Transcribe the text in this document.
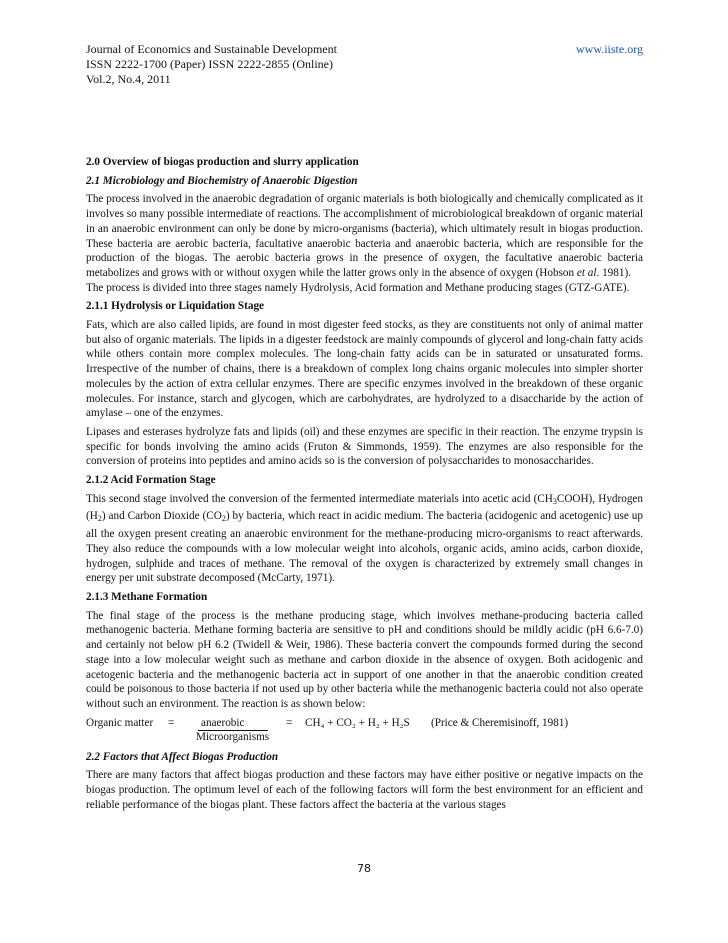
Journal of Economics and Sustainable Development
ISSN 2222-1700 (Paper) ISSN 2222-2855 (Online)
Vol.2, No.4, 2011
www.iiste.org
2.0 Overview of biogas production and slurry application
2.1 Microbiology and Biochemistry of Anaerobic Digestion

The process involved in the anaerobic degradation of organic materials is both biologically and chemically complicated as it involves so many possible intermediate of reactions. The accomplishment of microbiological breakdown of organic material in an anaerobic environment can only be done by micro-organisms (bacteria), which ultimately result in biogas production. These bacteria are aerobic bacteria, facultative anaerobic bacteria and anaerobic bacteria, which are responsible for the production of the biogas. The aerobic bacteria grows in the presence of oxygen, the facultative anaerobic bacteria metabolizes and grows with or without oxygen while the latter grows only in the absence of oxygen (Hobson et al. 1981).

The process is divided into three stages namely Hydrolysis, Acid formation and Methane producing stages (GTZ-GATE).

2.1.1 Hydrolysis or Liquidation Stage

Fats, which are also called lipids, are found in most digester feed stocks, as they are constituents not only of animal matter but also of organic materials. The lipids in a digester feedstock are mainly compounds of glycerol and long-chain fatty acids while others contain more complex molecules. The long-chain fatty acids can be in saturated or unsaturated forms. Irrespective of the number of chains, there is a breakdown of complex long chains organic molecules into simpler shorter molecules by the action of extra cellular enzymes. There are specific enzymes involved in the breakdown of these organic molecules. For instance, starch and glycogen, which are carbohydrates, are hydrolyzed to a disaccharide by the action of amylase – one of the enzymes.

Lipases and esterases hydrolyze fats and lipids (oil) and these enzymes are specific in their reaction. The enzyme trypsin is specific for bonds involving the amino acids (Fruton & Simmonds, 1959). The enzymes are also responsible for the conversion of proteins into peptides and amino acids so is the conversion of polysaccharides to monosaccharides.

2.1.2 Acid Formation Stage

This second stage involved the conversion of the fermented intermediate materials into acetic acid $(CH_3COOH)$, Hydrogen $(H_2)$ and Carbon Dioxide $(CO_2)$ by bacteria, which react in acidic medium. The bacteria (acidogenic and acetogenic) use up all the oxygen present creating an anaerobic environment for the methane-producing micro-organisms to react afterwards. They also reduce the compounds with a low molecular weight into alcohols, organic acids, amino acids, carbon dioxide, hydrogen, sulphide and traces of methane. The removal of the oxygen is characterized by extremely small changes in energy per unit substrate decomposed (McCarty, 1971).

2.1.3 Methane Formation

The final stage of the process is the methane producing stage, which involves methane-producing bacteria called methanogenic bacteria. Methane forming bacteria are sensitive to pH and conditions should be mildly acidic (pH 6.6-7.0) and certainly not below pH 6.2 (Twidell & Weir, 1986). These bacteria convert the compounds formed during the second stage into a low molecular weight such as methane and carbon dioxide in the absence of oxygen. Both acidogenic and acetogenic bacteria and the methanogenic bacteria act in support of one another in that the anaerobic condition created could be poisonous to those bacteria if not used up by other bacteria while the methanogenic bacteria could not also operate without such an environment. The reaction is as shown below:

Organic matter = anaerobic	= CH₄ + CO₂ + H₂ + H₂S (Price & Cheremisinoff, 1981)
Microorganisms
2.2 Factors that Affect Biogas Production

There are many factors that affect biogas production and these factors may have either positive or negative impacts on the biogas production. The optimum level of each of the following factors will form the best environment for an efficient and reliable performance of the biogas plant. These factors affect the bacteria at the various stages

78
